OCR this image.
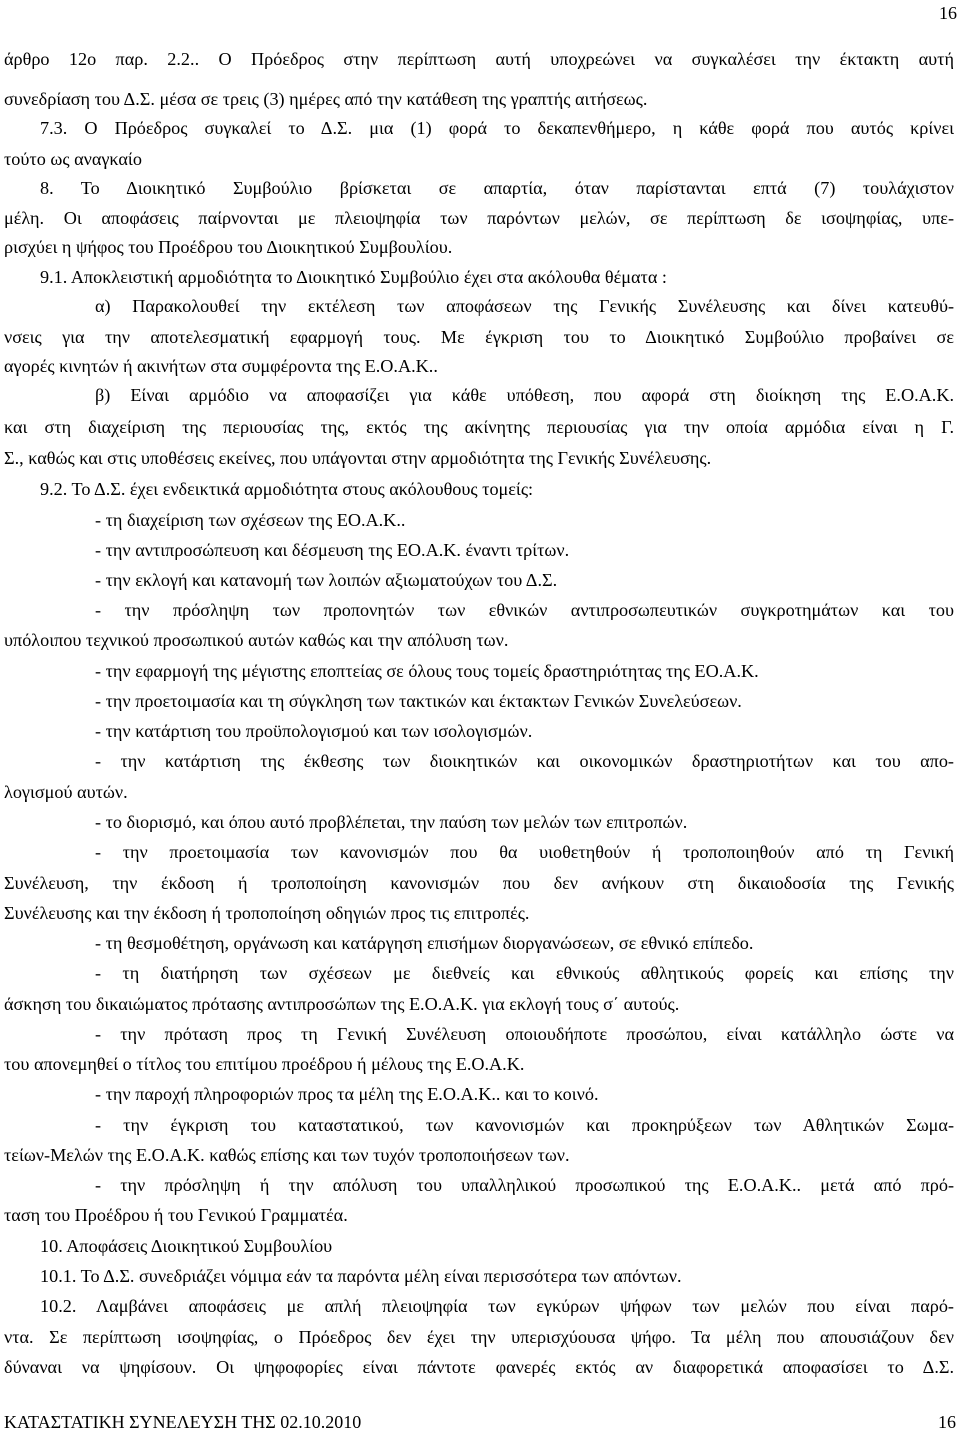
16
άρθρο 12ο παρ. 2.2.. Ο Πρόεδρος στην περίπτωση αυτή υποχρεώνει να συγκαλέσει την έκτακτη αυτή
συνεδρίαση του Δ.Σ. μέσα σε τρεις (3) ημέρες από την κατάθεση της γραπτής αιτήσεως.
7.3. Ο Πρόεδρος συγκαλεί το Δ.Σ. μια (1) φορά το δεκαπενθήμερο, η κάθε φορά που αυτός κρίνει
τούτο ως αναγκαίο
8. Το Διοικητικό Συμβούλιο βρίσκεται σε απαρτία, όταν παρίστανται επτά (7) τουλάχιστον
μέλη. Οι αποφάσεις παίρνονται με πλειοψηφία των παρόντων μελών, σε περίπτωση δε ισοψηφίας, υπε-
ρισχύει η ψήφος του Προέδρου του Διοικητικού Συμβουλίου.
9.1. Αποκλειστική αρμοδιότητα το Διοικητικό Συμβούλιο έχει στα ακόλουθα θέματα :
α) Παρακολουθεί την εκτέλεση των αποφάσεων της Γενικής Συνέλευσης και δίνει κατευθύ-
νσεις για την αποτελεσματική εφαρμογή τους. Με έγκριση του το Διοικητικό Συμβούλιο προβαίνει σε
αγορές κινητών ή ακινήτων στα συμφέροντα της Ε.Ο.Α.Κ..
β) Είναι αρμόδιο να αποφασίζει για κάθε υπόθεση, που αφορά στη διοίκηση της Ε.Ο.Α.Κ.
και στη διαχείριση της περιουσίας της, εκτός της ακίνητης περιουσίας για την οποία αρμόδια είναι η Γ.
Σ., καθώς και στις υποθέσεις εκείνες, που υπάγονται στην αρμοδιότητα της Γενικής Συνέλευσης.
9.2. Το Δ.Σ. έχει ενδεικτικά αρμοδιότητα στους ακόλουθους τομείς:
- τη διαχείριση των σχέσεων της ΕΟ.Α.Κ..
- την αντιπροσώπευση και δέσμευση της ΕΟ.Α.Κ. έναντι τρίτων.
- την εκλογή και κατανομή των λοιπών αξιωματούχων του Δ.Σ.
- την πρόσληψη των προπονητών των εθνικών αντιπροσωπευτικών συγκροτημάτων και του
υπόλοιπου τεχνικού προσωπικού αυτών καθώς και την απόλυση των.
- την εφαρμογή της μέγιστης εποπτείας σε όλους τους τομείς δραστηριότητας της ΕΟ.Α.Κ.
- την προετοιμασία και τη σύγκληση των τακτικών και έκτακτων Γενικών Συνελεύσεων.
- την κατάρτιση του προϋπολογισμού και των ισολογισμών.
- την κατάρτιση της έκθεσης των διοικητικών και οικονομικών δραστηριοτήτων και του απο-
λογισμού αυτών.
- το διορισμό, και όπου αυτό προβλέπεται, την παύση των μελών των επιτροπών.
- την προετοιμασία των κανονισμών που θα υιοθετηθούν ή τροποποιηθούν από τη Γενική
Συνέλευση, την έκδοση ή τροποποίηση κανονισμών που δεν ανήκουν στη δικαιοδοσία της Γενικής
Συνέλευσης και την έκδοση ή τροποποίηση οδηγιών προς τις επιτροπές.
- τη θεσμοθέτηση, οργάνωση και κατάργηση επισήμων διοργανώσεων, σε εθνικό επίπεδο.
- τη διατήρηση των σχέσεων με διεθνείς και εθνικούς αθλητικούς φορείς και επίσης την
άσκηση του δικαιώματος πρότασης αντιπροσώπων της Ε.Ο.Α.Κ. για εκλογή τους σ΄ αυτούς.
- την πρόταση προς τη Γενική Συνέλευση οποιουδήποτε προσώπου, είναι κατάλληλο ώστε να
του απονεμηθεί ο τίτλος του επιτίμου προέδρου ή μέλους της Ε.Ο.Α.Κ.
- την παροχή πληροφοριών προς τα μέλη της Ε.Ο.Α.Κ.. και το κοινό.
- την έγκριση του καταστατικού, των κανονισμών και προκηρύξεων των Αθλητικών Σωμα-
τείων-Μελών της Ε.Ο.Α.Κ. καθώς επίσης και των τυχόν τροποποιήσεων των.
- την πρόσληψη ή την απόλυση του υπαλληλικού προσωπικού της Ε.Ο.Α.Κ.. μετά από πρό-
ταση του Προέδρου ή του Γενικού Γραμματέα.
10. Αποφάσεις Διοικητικού Συμβουλίου
10.1. Το Δ.Σ. συνεδριάζει νόμιμα εάν τα παρόντα μέλη είναι περισσότερα των απόντων.
10.2. Λαμβάνει αποφάσεις με απλή πλειοψηφία των εγκύρων ψήφων των μελών που είναι παρό-
ντα. Σε περίπτωση ισοψηφίας, ο Πρόεδρος δεν έχει την υπερισχύουσα ψήφο. Τα μέλη που απουσιάζουν δεν
δύναναι να ψηφίσουν. Οι ψηφοφορίες είναι πάντοτε φανερές εκτός αν διαφορετικά αποφασίσει το Δ.Σ.
ΚΑΤΑΣΤΑΤΙΚΗ ΣΥΝΕΛΕΥΣΗ ΤΗΣ 02.10.2010	16
